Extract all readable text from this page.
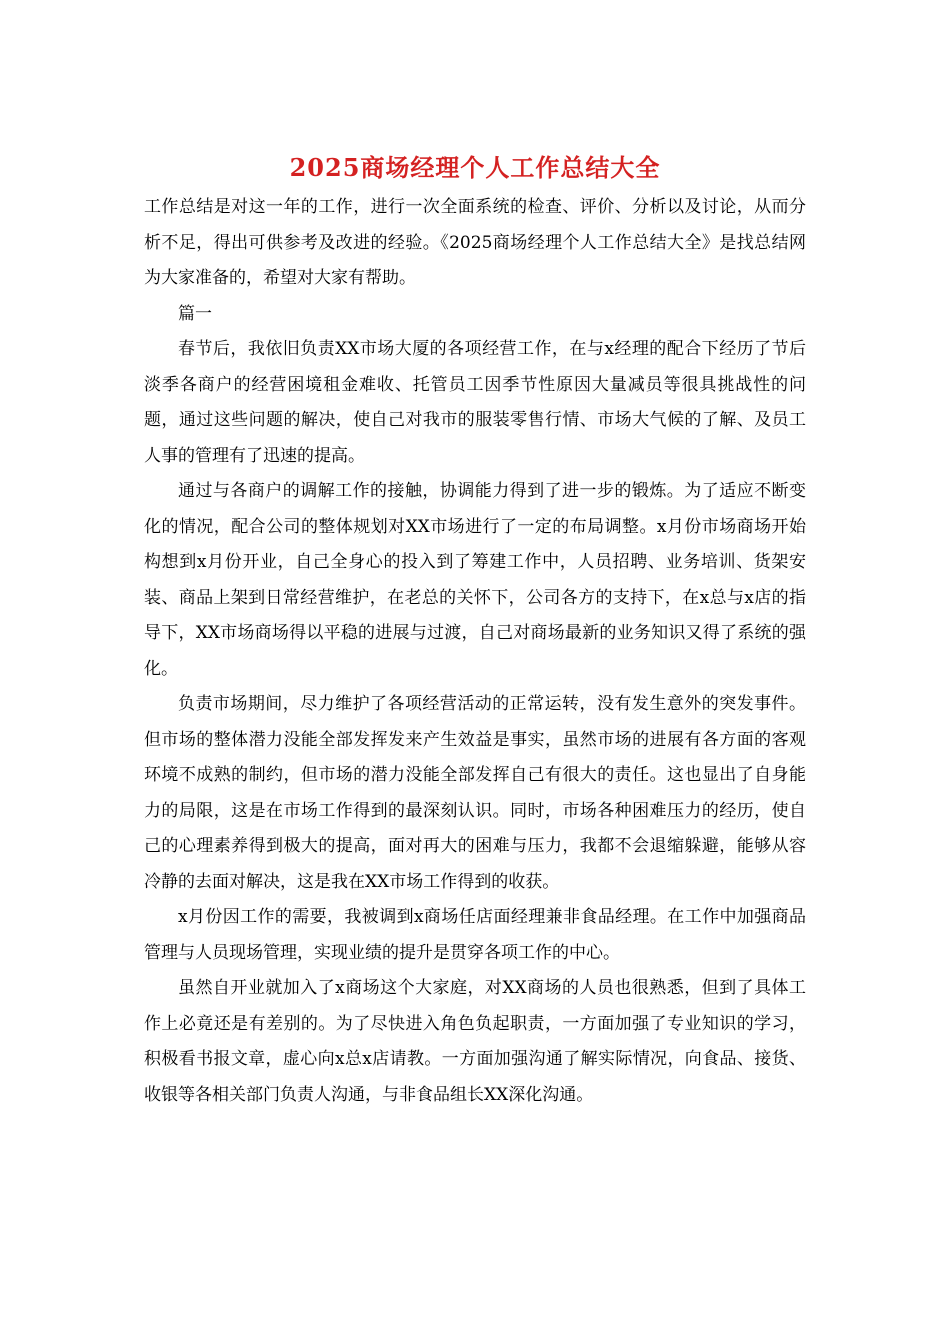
2025商场经理个人工作总结大全

工作总结是对这一年的工作，进行一次全面系统的检查、评价、分析以及讨论，从而分析不足，得出可供参考及改进的经验。《2025商场经理个人工作总结大全》是找总结网为大家准备的，希望对大家有帮助。

篇一

春节后，我依旧负责XX市场大厦的各项经营工作，在与x经理的配合下经历了节后淡季各商户的经营困境租金难收、托管员工因季节性原因大量减员等很具挑战性的问题，通过这些问题的解决，使自己对我市的服装零售行情、市场大气候的了解、及员工人事的管理有了迅速的提高。

通过与各商户的调解工作的接触，协调能力得到了进一步的锻炼。为了适应不断变化的情况，配合公司的整体规划对XX市场进行了一定的布局调整。x月份市场商场开始构想到x月份开业，自己全身心的投入到了筹建工作中，人员招聘、业务培训、货架安装、商品上架到日常经营维护，在老总的关怀下，公司各方的支持下，在x总与x店的指导下，XX市场商场得以平稳的进展与过渡，自己对商场最新的业务知识又得了系统的强化。

负责市场期间，尽力维护了各项经营活动的正常运转，没有发生意外的突发事件。但市场的整体潜力没能全部发挥发来产生效益是事实，虽然市场的进展有各方面的客观环境不成熟的制约，但市场的潜力没能全部发挥自己有很大的责任。这也显出了自身能力的局限，这是在市场工作得到的最深刻认识。同时，市场各种困难压力的经历，使自己的心理素养得到极大的提高，面对再大的困难与压力，我都不会退缩躲避，能够从容冷静的去面对解决，这是我在XX市场工作得到的收获。

x月份因工作的需要，我被调到x商场任店面经理兼非食品经理。在工作中加强商品管理与人员现场管理，实现业绩的提升是贯穿各项工作的中心。

虽然自开业就加入了x商场这个大家庭，对XX商场的人员也很熟悉，但到了具体工作上必竟还是有差别的。为了尽快进入角色负起职责，一方面加强了专业知识的学习，积极看书报文章，虚心向x总x店请教。一方面加强沟通了解实际情况，向食品、接货、收银等各相关部门负责人沟通，与非食品组长XX深化沟通。
